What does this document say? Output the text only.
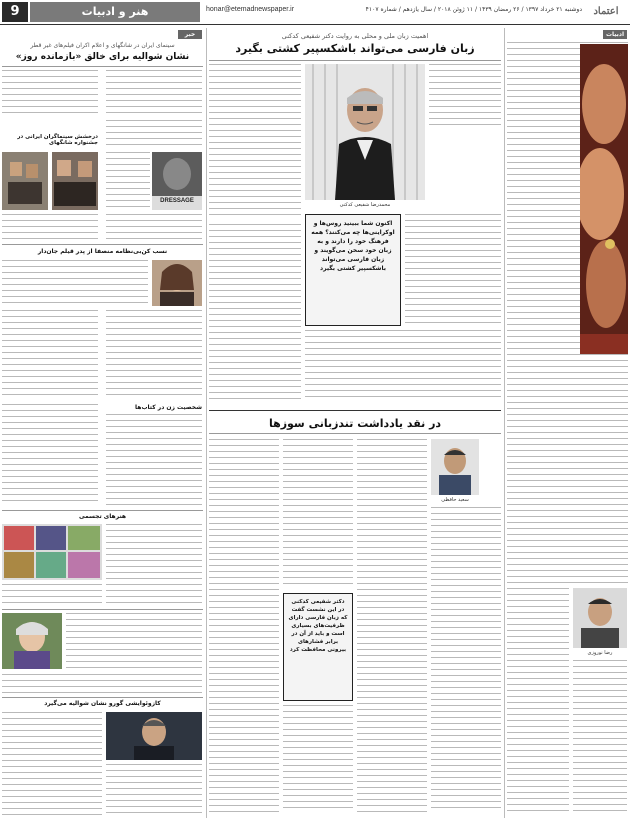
9	هنر و ادبیات	honar@etemadnewspaper.ir	دوشنبه ۲۱ خرداد ۱۳۹۷ / ۲۶ رمضان ۱۴۳۹ / ۱۱ ژوئن ۲۰۱۸ / سال یازدهم / شماره ۴۱۰۷	اعتماد
خبر
سینمای ایران در شانگهای و اعلام اکران فیلم‌های غیر قطر
نشان شوالیه برای خالق «بازمانده روز»
درخشش سینماگران ایرانی در جشنواره شانگهای
DRESSAGE
نسب کن‌بی‌نظامه منصفا از پدر قیلم جان‌دار
شخصیت زن در کتاب‌ها
هنرهای تجسمی
کازوئوایشی گورو نشان شوالیه می‌گیرد
اهمیت زبان ملی و محلی به روایت دکتر شفیعی کدکنی
زبان فارسی می‌تواند باشکسپیر کشتی بگیرد
محمدرضا شفیعی کدکنی
اکنون شما ببینید روس‌ها و اوکراینی‌ها چه می‌کنند؟ همه فرهنگ خود را دارند و به زبان خود سخن می‌گویند و زبان فارسی می‌تواند باشکسپیر کشتی بگیرد
در نقد یادداشت تندزبانی سوزها
سعید حافظی
دکتر شفیعی کدکنی در این نشست گفت که زبان فارسی دارای ظرفیت‌های بسیاری است و باید از آن در برابر فشارهای بیرونی محافظت کرد
ادبیات
رضا نوروزی
